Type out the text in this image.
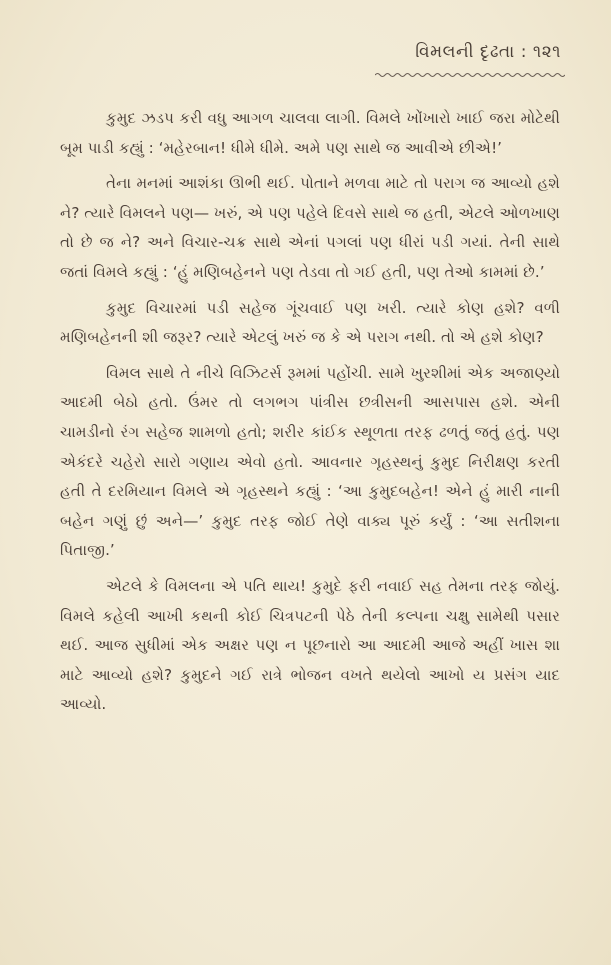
વિમલની દૃઢતા : ૧૨૧

કુમુદ ઝડપ કરી વધુ આગળ ચાલવા લાગી. વિમલે ખોંખારો ખાઈ જરા મોટેથી બૂમ પાડી કહ્યું : ‘મહેરબાન! ધીમે ધીમે. અમે પણ સાથે જ આવીએ છીએ!’

તેના મનમાં આશંકા ઊભી થઈ. પોતાને મળવા માટે તો પરાગ જ આવ્યો હશે ને? ત્યારે વિમલને પણ— ખરું, એ પણ પહેલે દિવસે સાથે જ હતી, એટલે ઓળખાણ તો છે જ ને? અને વિચાર-ચક્ર સાથે એનાં પગલાં પણ ધીરાં પડી ગયાં. તેની સાથે જતાં વિમલે કહ્યું : ‘હું મણિબહેનને પણ તેડવા તો ગઈ હતી, પણ તેઓ કામમાં છે.’

કુમુદ વિચારમાં પડી સહેજ ગૂંચવાઈ પણ ખરી. ત્યારે કોણ હશે? વળી મણિબહેનની શી જરૂર? ત્યારે એટલું ખરું જ કે એ પરાગ નથી. તો એ હશે કોણ?

વિમલ સાથે તે નીચે વિઝિટર્સ રૂમમાં પહોંચી. સામે ખુરશીમાં એક અજાણ્યો આદમી બેઠો હતો. ઉંમર તો લગભગ પાંત્રીસ છત્રીસની આસપાસ હશે. એની ચામડીનો રંગ સહેજ શામળો હતો; શરીર કાંઈક સ્થૂળતા તરફ ઢળતું જતું હતું. પણ એકંદરે ચહેરો સારો ગણાય એવો હતો. આવનાર ગૃહસ્થનું કુમુદ નિરીક્ષણ કરતી હતી તે દરમિયાન વિમલે એ ગૃહસ્થને કહ્યું : ‘આ કુમુદબહેન! એને હું મારી નાની બહેન ગણું છું અને—’ કુમુદ તરફ જોઈ તેણે વાક્ય પૂરું કર્યું : ‘આ સતીશના પિતાજી.’

એટલે કે વિમલના એ પતિ થાય! કુમુદે ફરી નવાઈ સહ તેમના તરફ જોયું. વિમલે કહેલી આખી કથની કોઈ ચિત્રપટની પેઠે તેની કલ્પના ચક્ષુ સામેથી પસાર થઈ. આજ સુધીમાં એક અક્ષર પણ ન પૂછનારો આ આદમી આજે અહીં ખાસ શા માટે આવ્યો હશે? કુમુદને ગઈ રાત્રે ભોજન વખતે થયેલો આખો ય પ્રસંગ યાદ આવ્યો.
